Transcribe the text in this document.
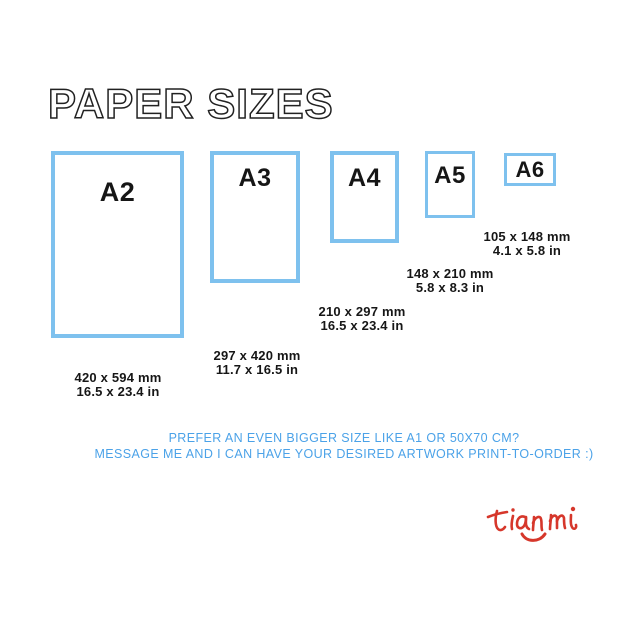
PAPER SIZES
A2	A3	A4	A5	A6
420 x 594 mm
16.5 x 23.4 in
297 x 420 mm
11.7 x 16.5 in
210 x 297 mm
16.5 x 23.4 in
148 x 210 mm
5.8 x 8.3 in
105 x 148 mm
4.1 x 5.8 in
PREFER AN EVEN BIGGER SIZE LIKE A1 OR 50X70 CM?
MESSAGE ME AND I CAN HAVE YOUR DESIRED ARTWORK PRINT-TO-ORDER :)
